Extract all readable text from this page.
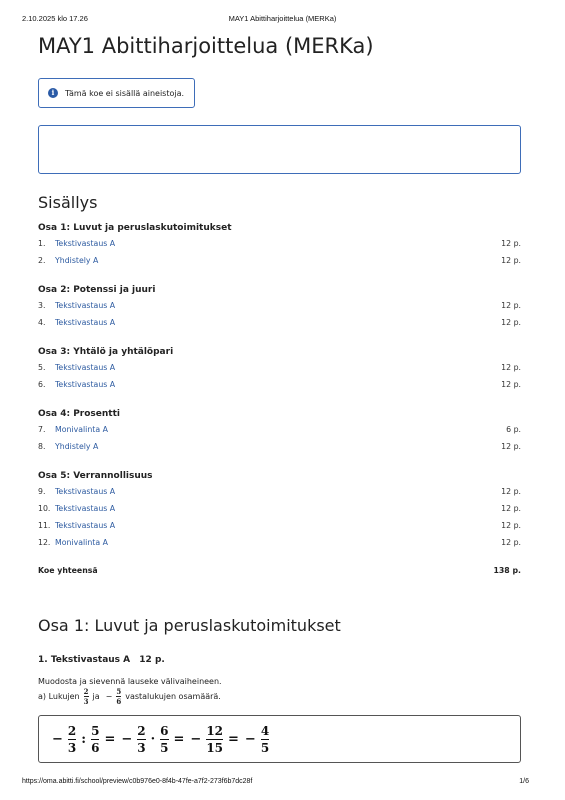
2.10.2025 klo 17.26	MAY1 Abittiharjoittelua (MERKa)
MAY1 Abittiharjoittelua (MERKa)
i	Tämä koe ei sisällä aineistoja.
Sisällys
Osa 1: Luvut ja peruslaskutoimitukset
1. Tekstivastaus A	12 p.
2. Yhdistely A	12 p.
Osa 2: Potenssi ja juuri
3. Tekstivastaus A	12 p.
4. Tekstivastaus A	12 p.
Osa 3: Yhtälö ja yhtälöpari
5. Tekstivastaus A	12 p.
6. Tekstivastaus A	12 p.
Osa 4: Prosentti
7. Monivalinta A	6 p.
8. Yhdistely A	12 p.
Osa 5: Verrannollisuus
9. Tekstivastaus A	12 p.
10. Tekstivastaus A	12 p.
11. Tekstivastaus A	12 p.
12. Monivalinta A	12 p.
Koe yhteensä	138 p.
Osa 1: Luvut ja peruslaskutoimitukset
1. Tekstivastaus A 12 p.
Muodosta ja sievennä lauseke välivaiheineen.
a) Lukujen $\frac{2}{3}$ ja − $\frac{5}{6}$ vastalukujen osamäärä.
−
2
3
:
5
6
= −
2
3
·
6
5
= −
12
15
= −
4
5
https://oma.abitti.fi/school/preview/c0b976e0-8f4b-47fe-a7f2-273f6b7dc28f	1/6
